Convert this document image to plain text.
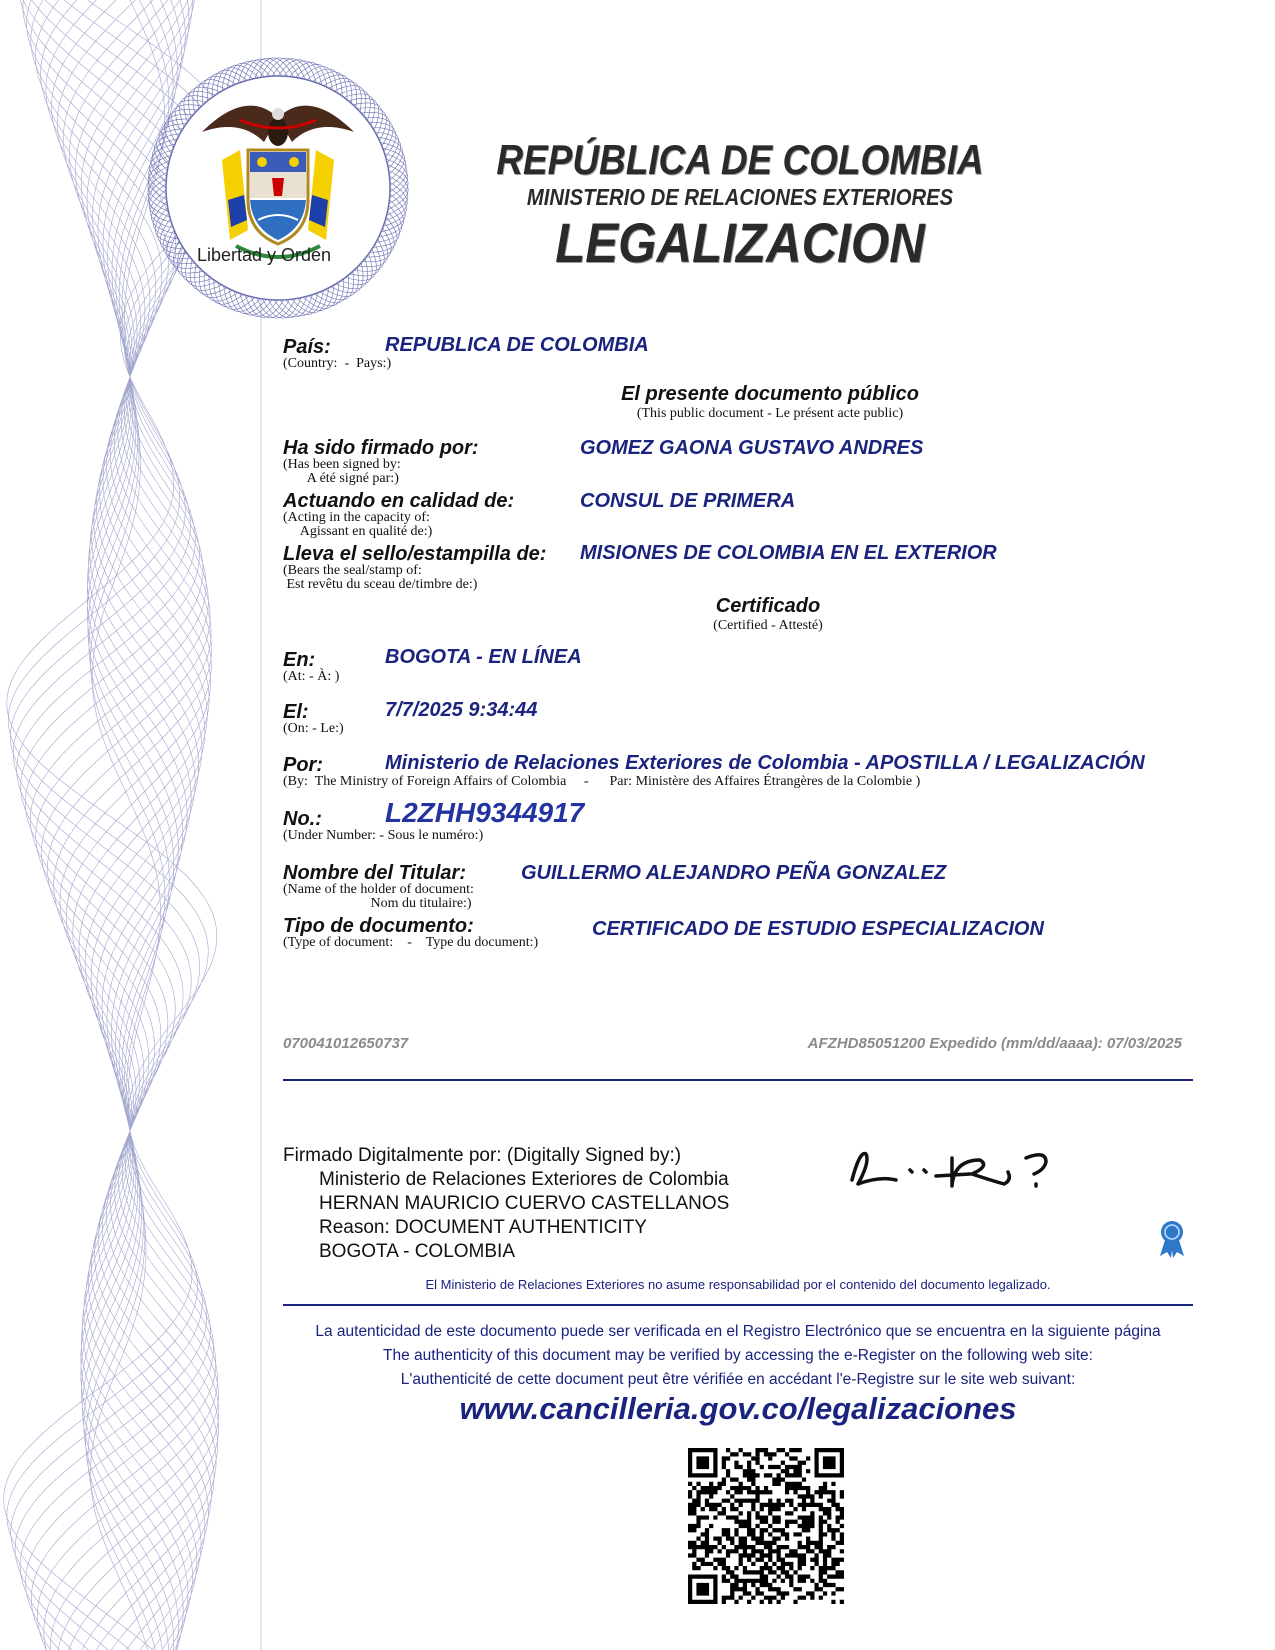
Libertad y Orden
REPÚBLICA DE COLOMBIA
MINISTERIO DE RELACIONES EXTERIORES
LEGALIZACION
País:
(Country:  -  Pays:)
REPUBLICA DE COLOMBIA
El presente documento público
(This public document - Le présent acte public)
Ha sido firmado por:
(Has been signed by:
A été signé par:)
GOMEZ GAONA GUSTAVO ANDRES
Actuando en calidad de:
(Acting in the capacity of:
Agissant en qualité de:)
CONSUL DE PRIMERA
Lleva el sello/estampilla de:
(Bears the seal/stamp of:
Est revêtu du sceau de/timbre de:)
MISIONES DE COLOMBIA EN EL EXTERIOR
Certificado
(Certified - Attesté)
En:
(At: - À: )
BOGOTA - EN LÍNEA
El:
(On: - Le:)
7/7/2025 9:34:44
Por:	Ministerio de Relaciones Exteriores de Colombia - APOSTILLA / LEGALIZACIÓN
(By:  The Ministry of Foreign Affairs of Colombia     -      Par: Ministère des Affaires Étrangères de la Colombie )
No.: L2ZHH9344917
(Under Number: - Sous le numéro:)
Nombre del Titular:
(Name of the holder of document:
Nom du titulaire:)
GUILLERMO ALEJANDRO PEÑA GONZALEZ
Tipo de documento:
(Type of document:    -    Type du document:)
CERTIFICADO DE ESTUDIO ESPECIALIZACION
070041012650737	AFZHD85051200 Expedido (mm/dd/aaaa): 07/03/2025
Firmado Digitalmente por: (Digitally Signed by:)
Ministerio de Relaciones Exteriores de Colombia
HERNAN MAURICIO CUERVO CASTELLANOS
Reason: DOCUMENT AUTHENTICITY
BOGOTA - COLOMBIA
El Ministerio de Relaciones Exteriores no asume responsabilidad por el contenido del documento legalizado.
La autenticidad de este documento puede ser verificada en el Registro Electrónico que se encuentra en la siguiente página
The authenticity of this document may be verified by accessing the e-Register on the following web site:
L'authenticité de cette document peut être vérifiée en accédant l'e-Registre sur le site web suivant:
www.cancilleria.gov.co/legalizaciones
